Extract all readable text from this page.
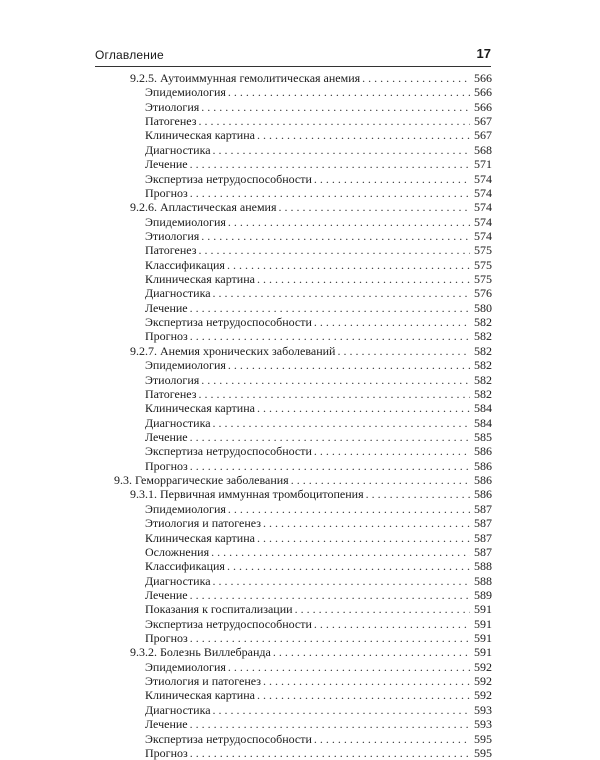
Оглавление	17
9.2.5. Аутоиммунная гемолитическая анемия . . .	566
Эпидемиология . . .	566
Этиология . . .	566
Патогенез . . .	567
Клиническая картина . . .	567
Диагностика . . .	568
Лечение . . .	571
Экспертиза нетрудоспособности . . .	574
Прогноз . . .	574
9.2.6. Апластическая анемия . . .	574
Эпидемиология . . .	574
Этиология . . .	574
Патогенез . . .	575
Классификация . . .	575
Клиническая картина . . .	575
Диагностика . . .	576
Лечение . . .	580
Экспертиза нетрудоспособности . . .	582
Прогноз . . .	582
9.2.7. Анемия хронических заболеваний . . .	582
Эпидемиология . . .	582
Этиология . . .	582
Патогенез . . .	582
Клиническая картина . . .	584
Диагностика . . .	584
Лечение . . .	585
Экспертиза нетрудоспособности . . .	586
Прогноз . . .	586
9.3. Геморрагические заболевания . . .	586
9.3.1. Первичная иммунная тромбоцитопения . . .	586
Эпидемиология . . .	587
Этиология и патогенез . . .	587
Клиническая картина . . .	587
Осложнения . . .	587
Классификация . . .	588
Диагностика . . .	588
Лечение . . .	589
Показания к госпитализации . . .	591
Экспертиза нетрудоспособности . . .	591
Прогноз . . .	591
9.3.2. Болезнь Виллебранда . . .	591
Эпидемиология . . .	592
Этиология и патогенез . . .	592
Клиническая картина . . .	592
Диагностика . . .	593
Лечение . . .	593
Экспертиза нетрудоспособности . . .	595
Прогноз . . .	595
